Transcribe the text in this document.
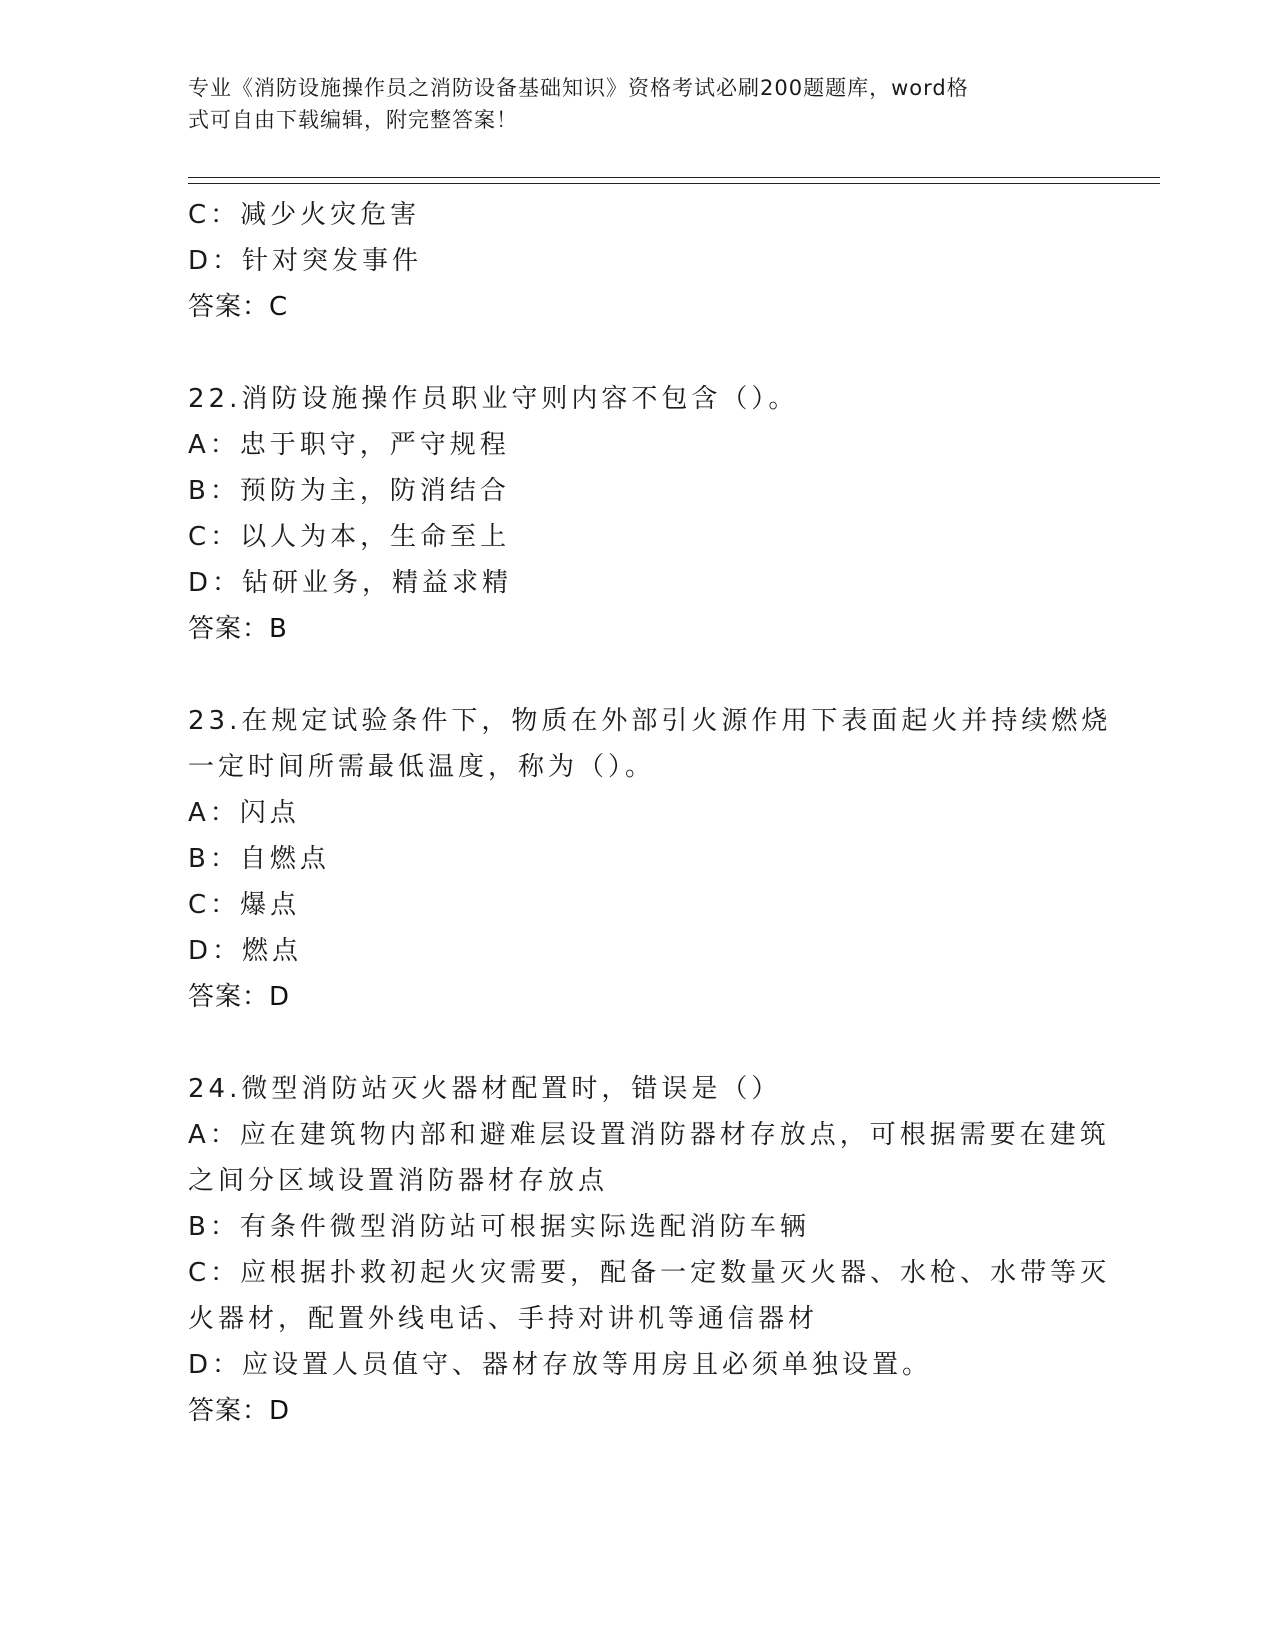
专业《消防设施操作员之消防设备基础知识》资格考试必刷200题题库，word格
式可自由下载编辑，附完整答案！
C：减少火灾危害
D：针对突发事件
答案：C
22.消防设施操作员职业守则内容不包含（）。
A：忠于职守，严守规程
B：预防为主，防消结合
C：以人为本，生命至上
D：钻研业务，精益求精
答案：B
23.在规定试验条件下，物质在外部引火源作用下表面起火并持续燃烧
一定时间所需最低温度，称为（）。
A：闪点
B：自燃点
C：爆点
D：燃点
答案：D
24.微型消防站灭火器材配置时，错误是（）
A：应在建筑物内部和避难层设置消防器材存放点，可根据需要在建筑
之间分区域设置消防器材存放点
B：有条件微型消防站可根据实际选配消防车辆
C：应根据扑救初起火灾需要，配备一定数量灭火器、水枪、水带等灭
火器材，配置外线电话、手持对讲机等通信器材
D：应设置人员值守、器材存放等用房且必须单独设置。
答案：D
